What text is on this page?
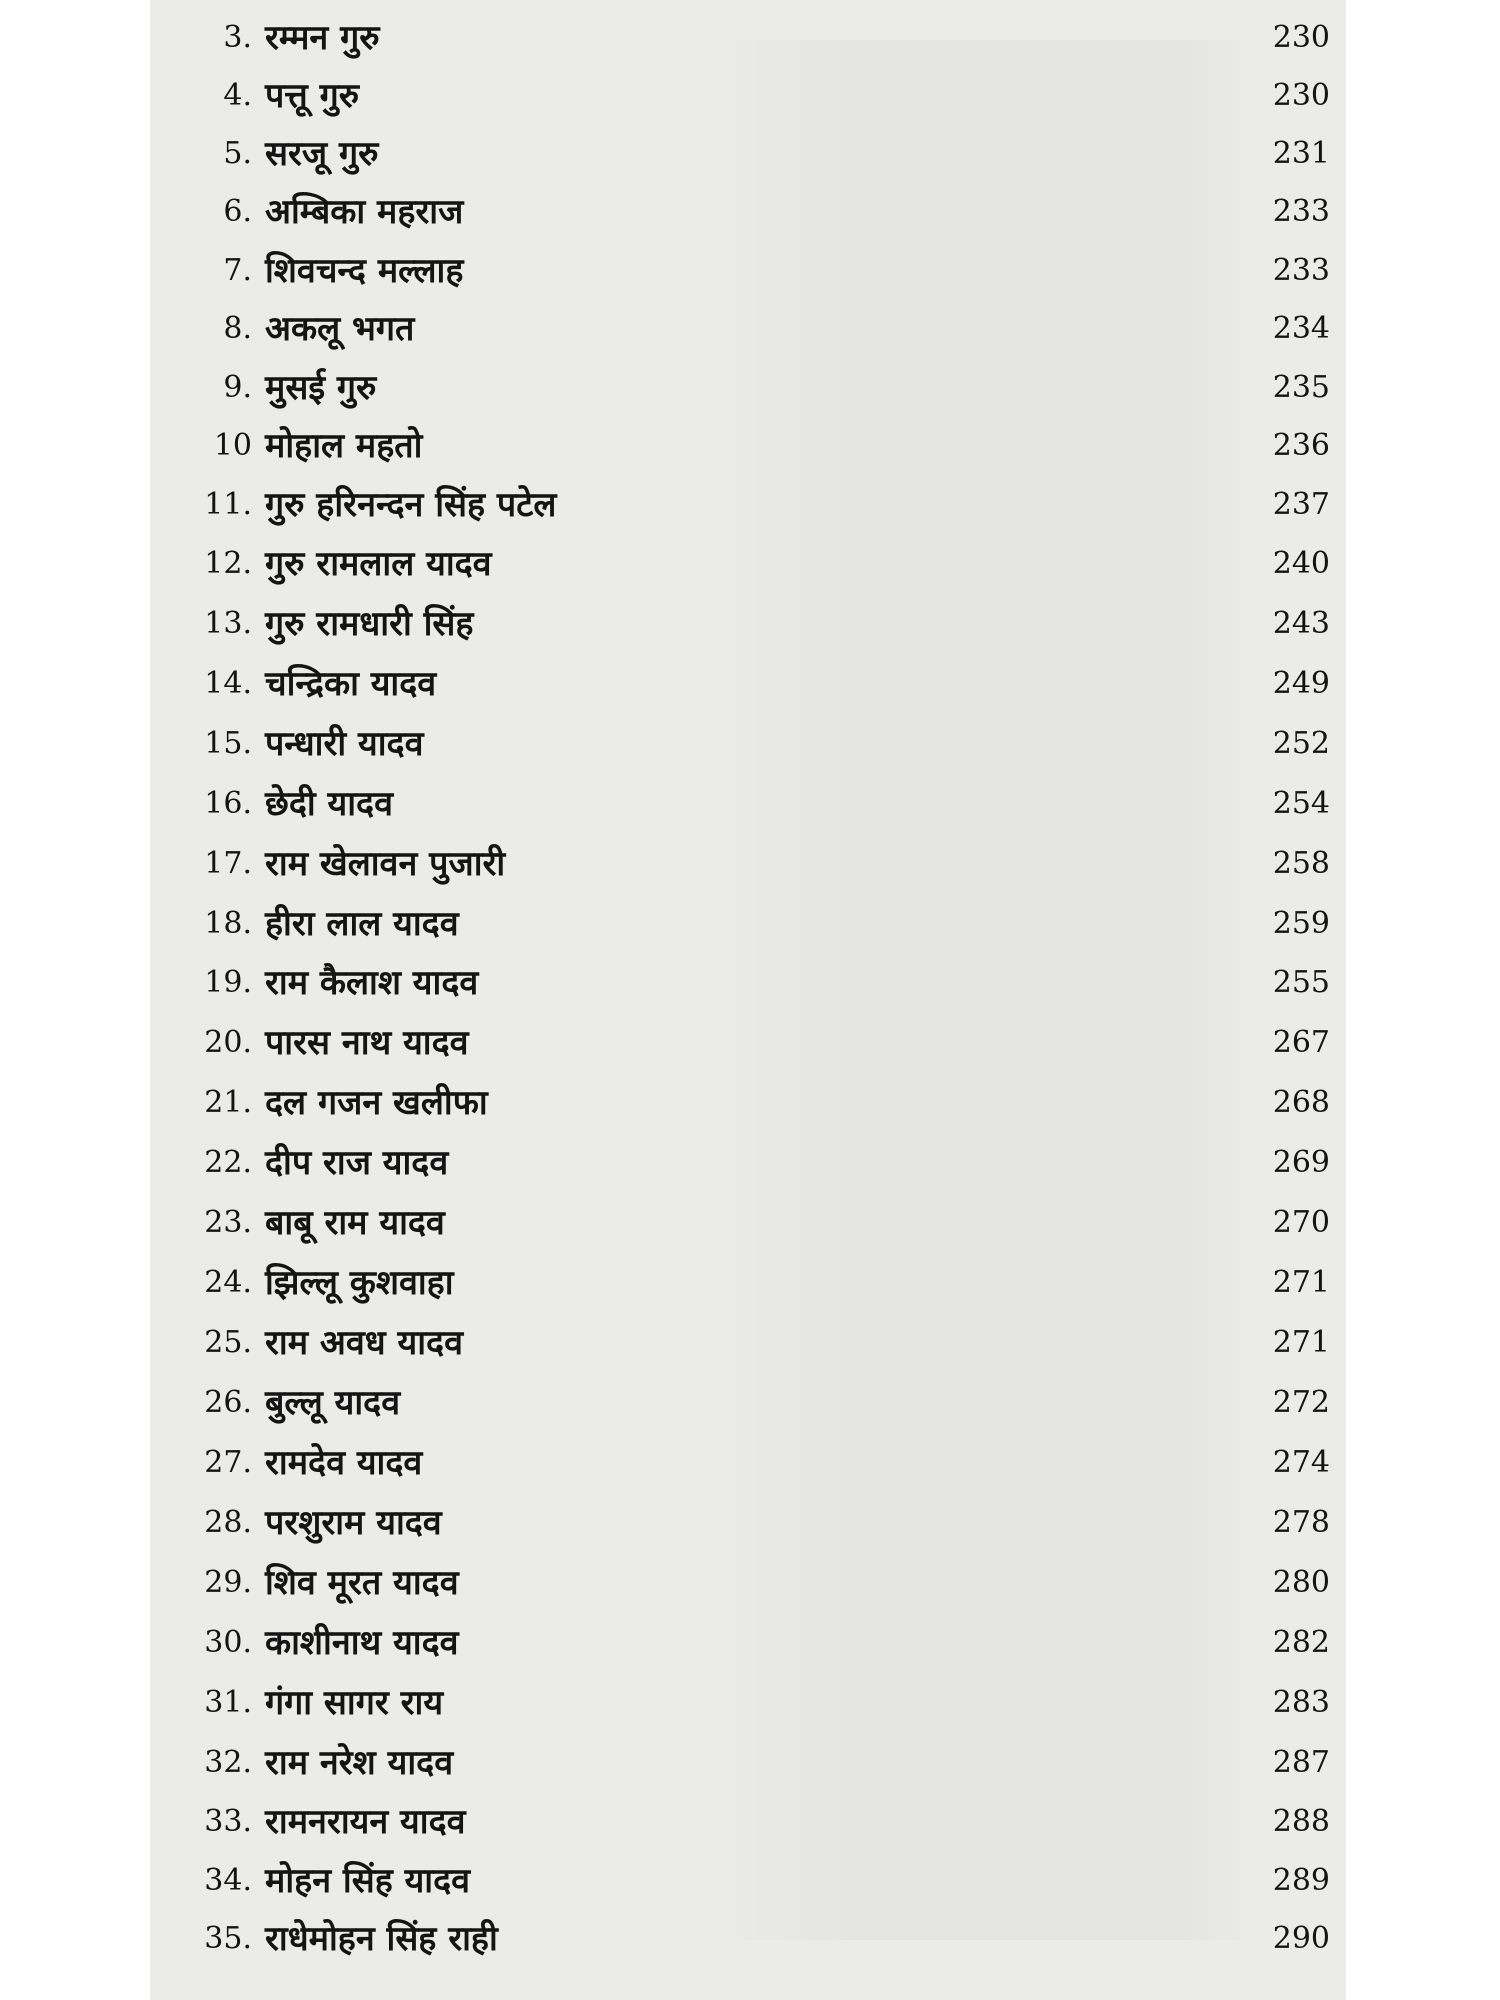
3. रम्मन गुरु	230
4. पत्तू गुरु	230
5. सरजू गुरु	231
6. अम्बिका महराज	233
7. शिवचन्द मल्लाह	233
8. अकलू भगत	234
9. मुसई गुरु	235
10 मोहाल महतो	236
11. गुरु हरिनन्दन सिंह पटेल	237
12. गुरु रामलाल यादव	240
13. गुरु रामधारी सिंह	243
14. चन्द्रिका यादव	249
15. पन्धारी यादव	252
16. छेदी यादव	254
17. राम खेलावन पुजारी	258
18. हीरा लाल यादव	259
19. राम कैलाश यादव	255
20. पारस नाथ यादव	267
21. दल गजन खलीफा	268
22. दीप राज यादव	269
23. बाबू राम यादव	270
24. झिल्लू कुशवाहा	271
25. राम अवध यादव	271
26. बुल्लू यादव	272
27. रामदेव यादव	274
28. परशुराम यादव	278
29. शिव मूरत यादव	280
30. काशीनाथ यादव	282
31. गंगा सागर राय	283
32. राम नरेश यादव	287
33. रामनरायन यादव	288
34. मोहन सिंह यादव	289
35. राधेमोहन सिंह राही	290
